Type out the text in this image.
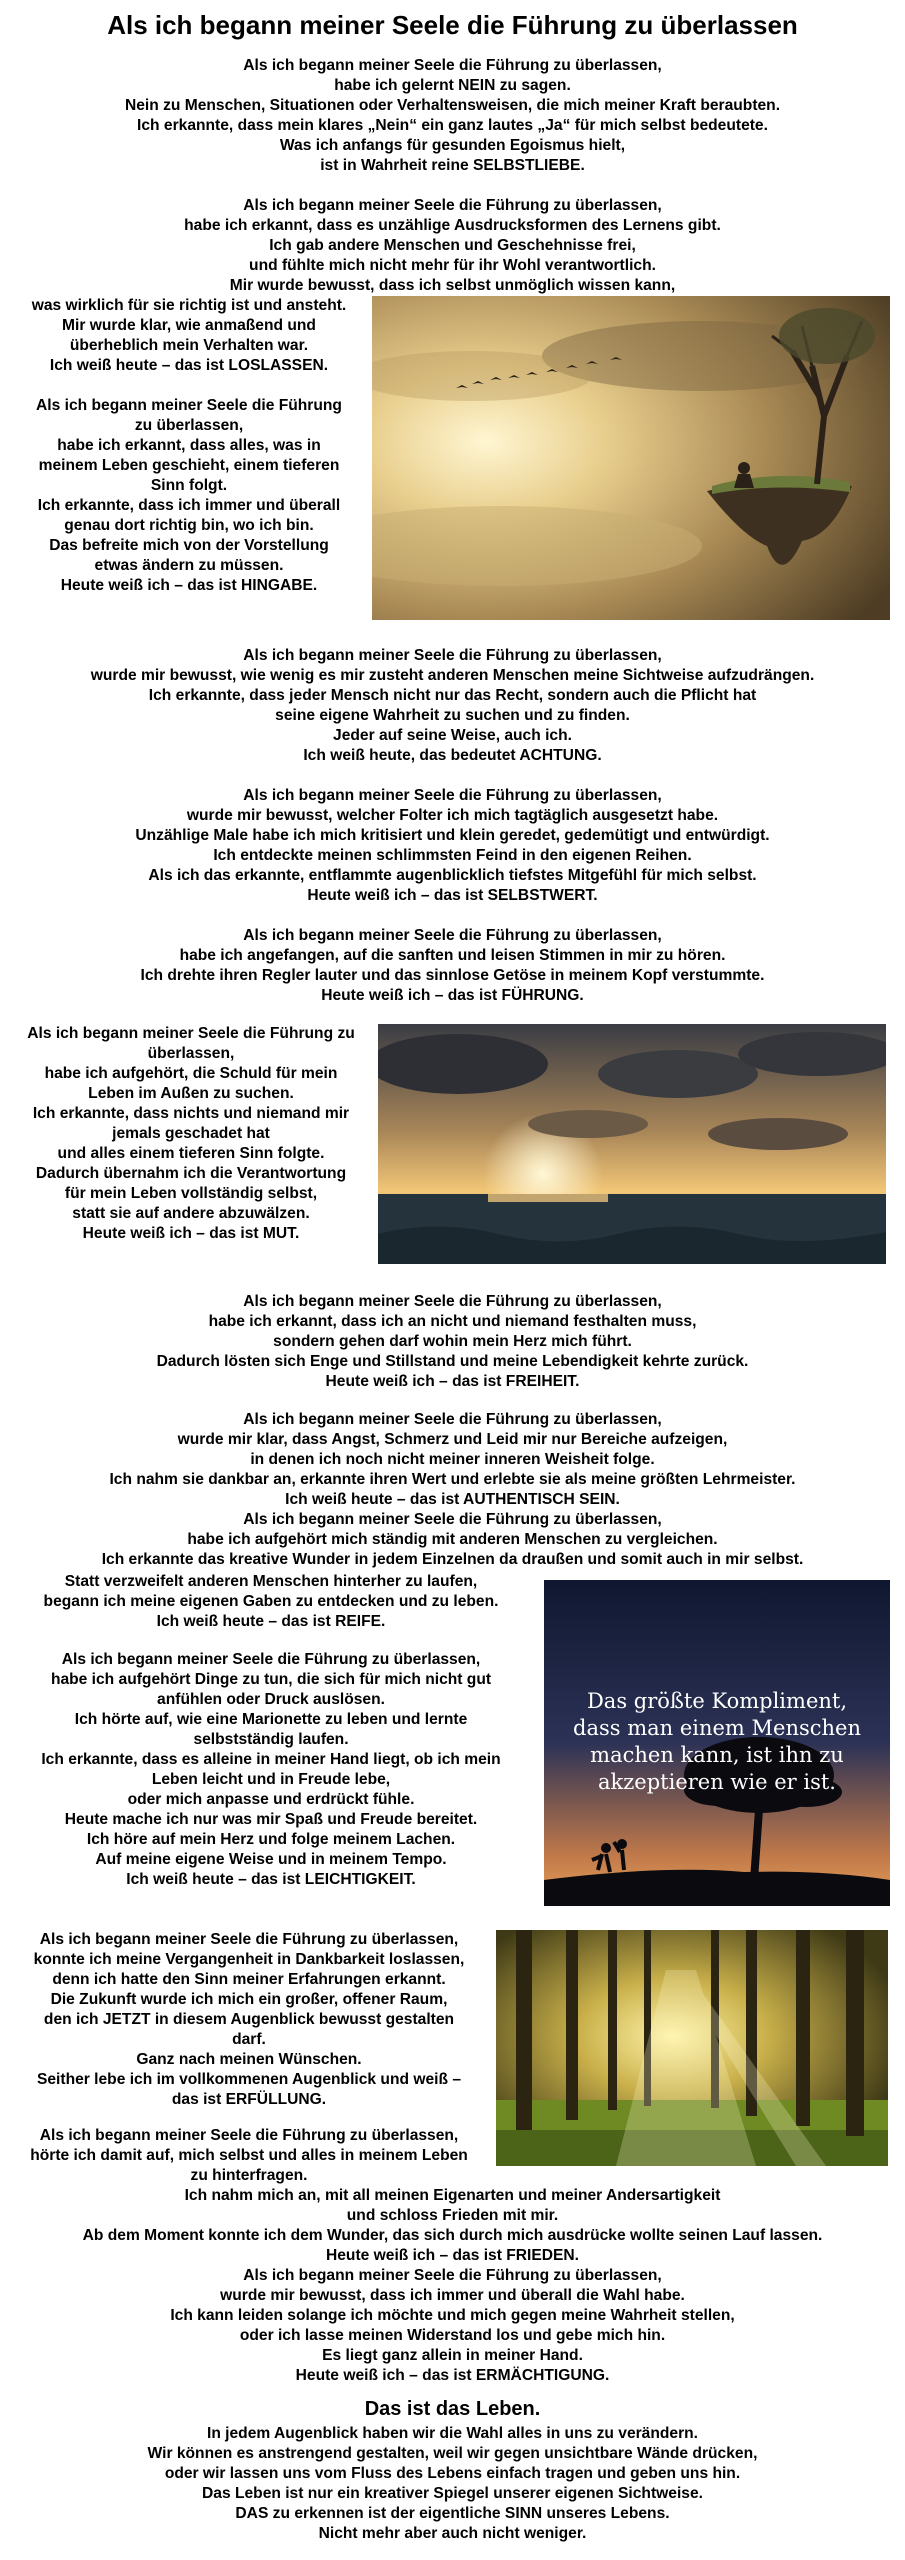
Als ich begann meiner Seele die Führung zu überlassen

Als ich begann meiner Seele die Führung zu überlassen,

habe ich gelernt NEIN zu sagen.

Nein zu Menschen, Situationen oder Verhaltensweisen, die mich meiner Kraft beraubten.

Ich erkannte, dass mein klares „Nein“ ein ganz lautes „Ja“ für mich selbst bedeutete.

Was ich anfangs für gesunden Egoismus hielt,

ist in Wahrheit reine SELBSTLIEBE.

Als ich begann meiner Seele die Führung zu überlassen,

habe ich erkannt, dass es unzählige Ausdrucksformen des Lernens gibt.

Ich gab andere Menschen und Geschehnisse frei,

und fühlte mich nicht mehr für ihr Wohl verantwortlich.

Mir wurde bewusst, dass ich selbst unmöglich wissen kann,

was wirklich für sie richtig ist und ansteht.

Mir wurde klar, wie anmaßend und

überheblich mein Verhalten war.

Ich weiß heute – das ist LOSLASSEN.

Als ich begann meiner Seele die Führung

zu überlassen,

habe ich erkannt, dass alles, was in

meinem Leben geschieht, einem tieferen

Sinn folgt.

Ich erkannte, dass ich immer und überall

genau dort richtig bin, wo ich bin.

Das befreite mich von der Vorstellung

etwas ändern zu müssen.

Heute weiß ich – das ist HINGABE.

Als ich begann meiner Seele die Führung zu überlassen,

wurde mir bewusst, wie wenig es mir zusteht anderen Menschen meine Sichtweise aufzudrängen.

Ich erkannte, dass jeder Mensch nicht nur das Recht, sondern auch die Pflicht hat

seine eigene Wahrheit zu suchen und zu finden.

Jeder auf seine Weise, auch ich.

Ich weiß heute, das bedeutet ACHTUNG.

Als ich begann meiner Seele die Führung zu überlassen,

wurde mir bewusst, welcher Folter ich mich tagtäglich ausgesetzt habe.

Unzählige Male habe ich mich kritisiert und klein geredet, gedemütigt und entwürdigt.

Ich entdeckte meinen schlimmsten Feind in den eigenen Reihen.

Als ich das erkannte, entflammte augenblicklich tiefstes Mitgefühl für mich selbst.

Heute weiß ich – das ist SELBSTWERT.

Als ich begann meiner Seele die Führung zu überlassen,

habe ich angefangen, auf die sanften und leisen Stimmen in mir zu hören.

Ich drehte ihren Regler lauter und das sinnlose Getöse in meinem Kopf verstummte.

Heute weiß ich – das ist FÜHRUNG.

Als ich begann meiner Seele die Führung zu

überlassen,

habe ich aufgehört, die Schuld für mein

Leben im Außen zu suchen.

Ich erkannte, dass nichts und niemand mir

jemals geschadet hat

und alles einem tieferen Sinn folgte.

Dadurch übernahm ich die Verantwortung

für mein Leben vollständig selbst,

statt sie auf andere abzuwälzen.

Heute weiß ich – das ist MUT.

Als ich begann meiner Seele die Führung zu überlassen,

habe ich erkannt, dass ich an nicht und niemand festhalten muss,

sondern gehen darf wohin mein Herz mich führt.

Dadurch lösten sich Enge und Stillstand und meine Lebendigkeit kehrte zurück.

Heute weiß ich – das ist FREIHEIT.

Als ich begann meiner Seele die Führung zu überlassen,

wurde mir klar, dass Angst, Schmerz und Leid mir nur Bereiche aufzeigen,

in denen ich noch nicht meiner inneren Weisheit folge.

Ich nahm sie dankbar an, erkannte ihren Wert und erlebte sie als meine größten Lehrmeister.

Ich weiß heute – das ist AUTHENTISCH SEIN.

Als ich begann meiner Seele die Führung zu überlassen,

habe ich aufgehört mich ständig mit anderen Menschen zu vergleichen.

Ich erkannte das kreative Wunder in jedem Einzelnen da draußen und somit auch in mir selbst.

Statt verzweifelt anderen Menschen hinterher zu laufen,

begann ich meine eigenen Gaben zu entdecken und zu leben.

Ich weiß heute – das ist REIFE.

Als ich begann meiner Seele die Führung zu überlassen,

habe ich aufgehört Dinge zu tun, die sich für mich nicht gut

anfühlen oder Druck auslösen.

Ich hörte auf, wie eine Marionette zu leben und lernte

selbstständig laufen.

Ich erkannte, dass es alleine in meiner Hand liegt, ob ich mein

Leben leicht und in Freude lebe,

oder mich anpasse und erdrückt fühle.

Heute mache ich nur was mir Spaß und Freude bereitet.

Ich höre auf mein Herz und folge meinem Lachen.

Auf meine eigene Weise und in meinem Tempo.

Ich weiß heute – das ist LEICHTIGKEIT.

Das größte Kompliment,
dass man einem Menschen
machen kann, ist ihn zu
akzeptieren wie er ist.

Als ich begann meiner Seele die Führung zu überlassen,

konnte ich meine Vergangenheit in Dankbarkeit loslassen,

denn ich hatte den Sinn meiner Erfahrungen erkannt.

Die Zukunft wurde ich mich ein großer, offener Raum,

den ich JETZT in diesem Augenblick bewusst gestalten

darf.

Ganz nach meinen Wünschen.

Seither lebe ich im vollkommenen Augenblick und weiß –

das ist ERFÜLLUNG.

Als ich begann meiner Seele die Führung zu überlassen,

hörte ich damit auf, mich selbst und alles in meinem Leben

zu hinterfragen.

Ich nahm mich an, mit all meinen Eigenarten und meiner Andersartigkeit

und schloss Frieden mit mir.

Ab dem Moment konnte ich dem Wunder, das sich durch mich ausdrücke wollte seinen Lauf lassen.

Heute weiß ich – das ist FRIEDEN.

Als ich begann meiner Seele die Führung zu überlassen,

wurde mir bewusst, dass ich immer und überall die Wahl habe.

Ich kann leiden solange ich möchte und mich gegen meine Wahrheit stellen,

oder ich lasse meinen Widerstand los und gebe mich hin.

Es liegt ganz allein in meiner Hand.

Heute weiß ich – das ist ERMÄCHTIGUNG.

Das ist das Leben.

In jedem Augenblick haben wir die Wahl alles in uns zu verändern.

Wir können es anstrengend gestalten, weil wir gegen unsichtbare Wände drücken,

oder wir lassen uns vom Fluss des Lebens einfach tragen und geben uns hin.

Das Leben ist nur ein kreativer Spiegel unserer eigenen Sichtweise.

DAS zu erkennen ist der eigentliche SINN unseres Lebens.

Nicht mehr aber auch nicht weniger.
